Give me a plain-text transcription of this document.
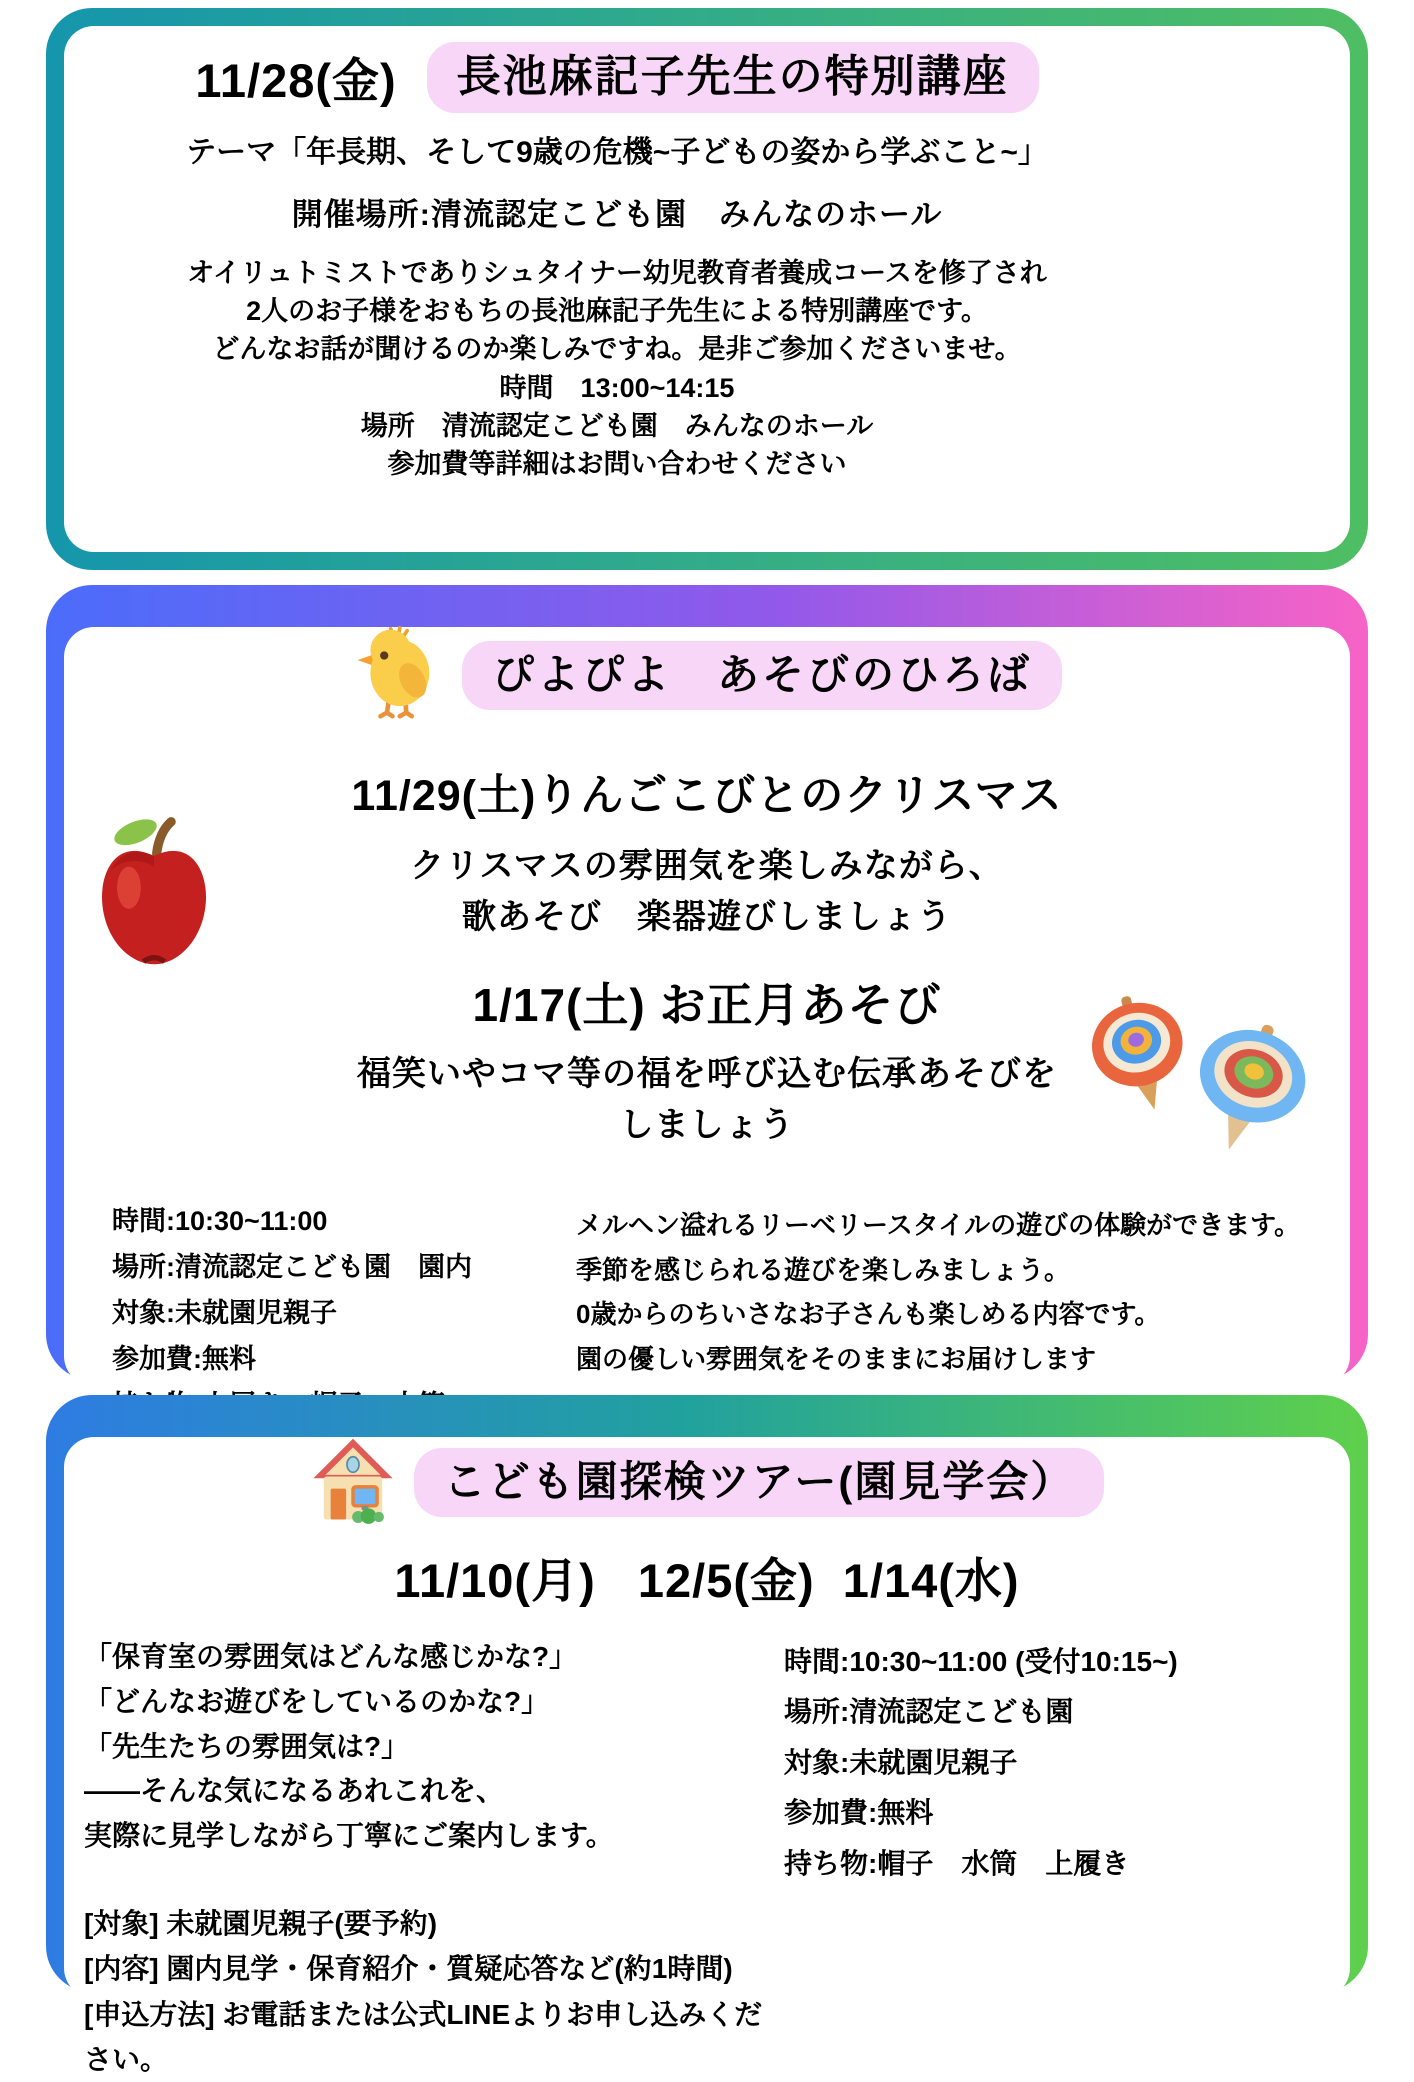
11/28(金)	長池麻記子先生の特別講座
テーマ「年長期、そして9歳の危機~子どもの姿から学ぶこと~」
開催場所:清流認定こども園　みんなのホール
オイリュトミストでありシュタイナー幼児教育者養成コースを修了され
2人のお子様をおもちの長池麻記子先生による特別講座です。
どんなお話が聞けるのか楽しみですね。是非ご参加くださいませ。
時間　13:00~14:15
場所　清流認定こども園　みんなのホール
参加費等詳細はお問い合わせください
ぴよぴよ　あそびのひろば
11/29(土)りんごこびとのクリスマス
クリスマスの雰囲気を楽しみながら、
歌あそび　楽器遊びしましょう
1/17(土) お正月あそび
福笑いやコマ等の福を呼び込む伝承あそびを
しましょう
時間:10:30~11:00
場所:清流認定こども園　園内
対象:未就園児親子
参加費:無料
メルヘン溢れるリーベリースタイルの遊びの体験ができます。
季節を感じられる遊びを楽しみましょう。
0歳からのちいさなお子さんも楽しめる内容です。
園の優しい雰囲気をそのままにお届けします
こども園探検ツアー(園見学会）
11/10(月)   12/5(金)  1/14(水)
「保育室の雰囲気はどんな感じかな?」
「どんなお遊びをしているのかな?」
「先生たちの雰囲気は?」
——そんな気になるあれこれを、
実際に見学しながら丁寧にご案内します。
[対象] 未就園児親子(要予約)
[内容] 園内見学・保育紹介・質疑応答など(約1時間)
[申込方法] お電話または公式LINEよりお申し込みください。
時間:10:30~11:00 (受付10:15~)
場所:清流認定こども園
対象:未就園児親子
参加費:無料
持ち物:帽子　水筒　上履き
